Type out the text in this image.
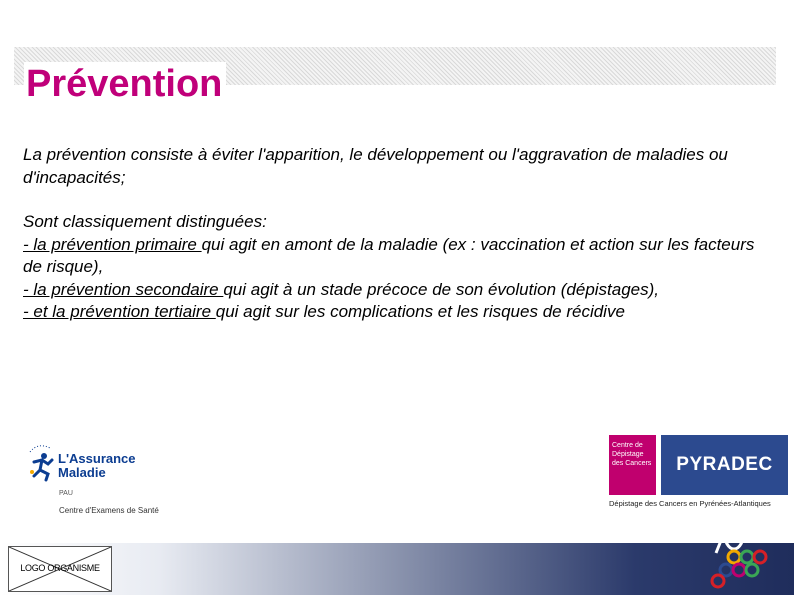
Prévention

La prévention consiste à éviter l'apparition, le développement ou l'aggravation de maladies ou d'incapacités;

Sont classiquement distinguées:

- la prévention primaire qui agit en amont de la maladie (ex : vaccination et action sur les facteurs de risque),

- la prévention secondaire qui agit à un stade précoce de son évolution (dépistages),

- et la prévention tertiaire qui agit sur les complications et les risques de récidive

L'Assurance
Maladie
PAU
Centre d'Examens de Santé
LOGO ORGANISME
Centre de
Dépistage
des Cancers	PYRADEC
Dépistage des Cancers en Pyrénées-Atlantiques
ans
